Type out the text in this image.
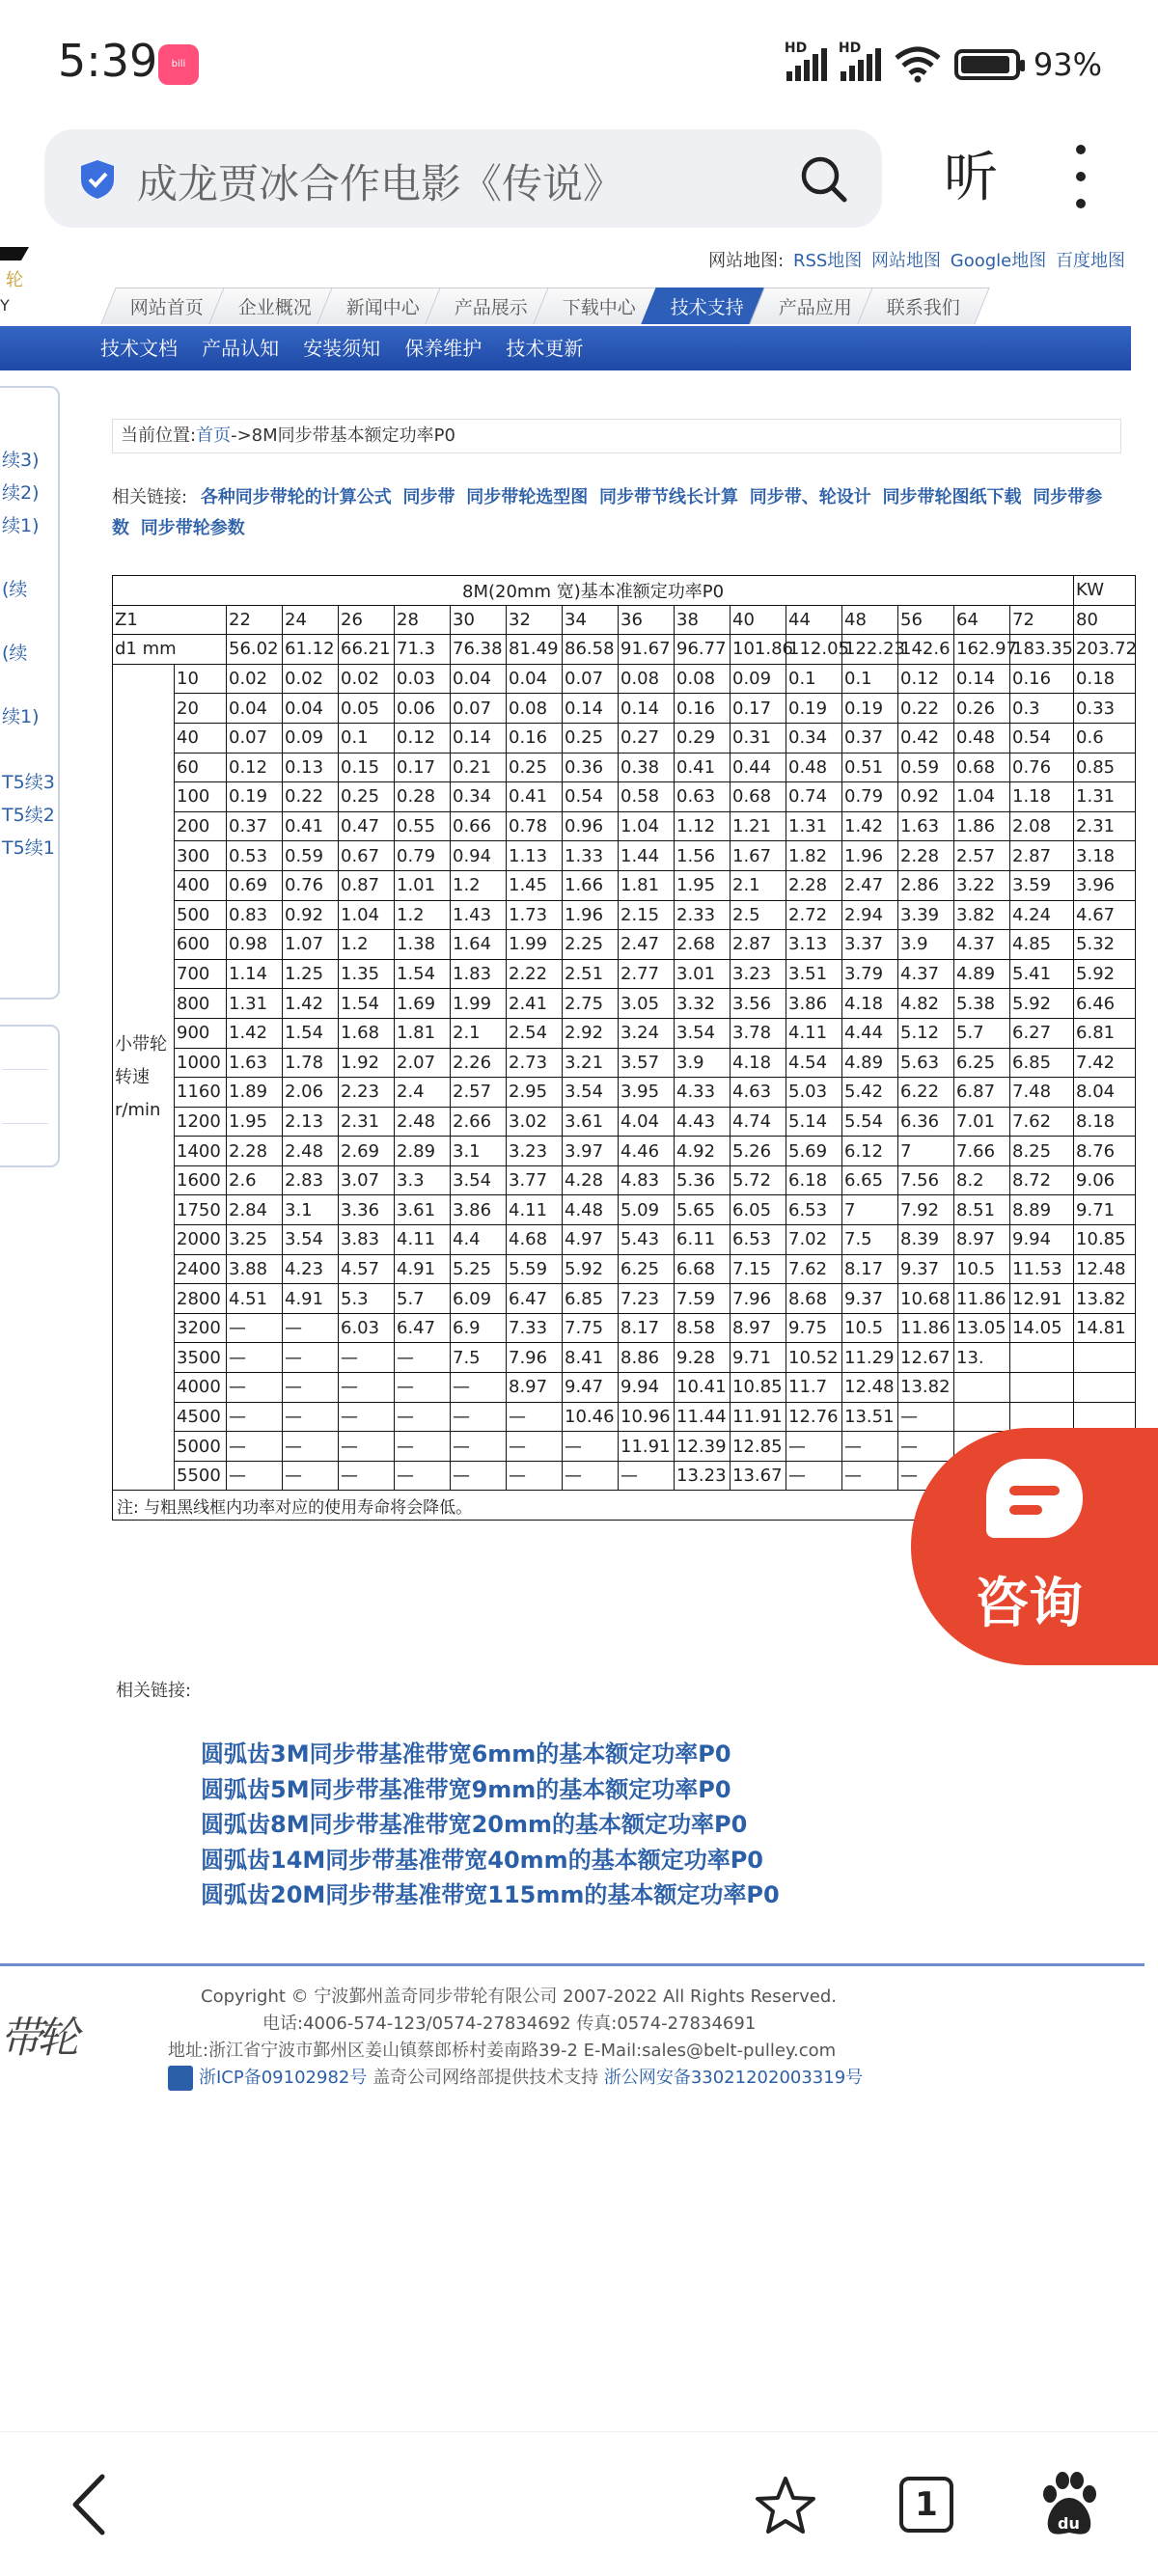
5:39	bili
HD HD	93%
成龙贾冰合作电影《传说》	听
轮
Y
网站地图: RSS地图 网站地图 Google地图 百度地图
网站首页 企业概况 新闻中心 产品展示 下载中心 技术支持 产品应用 联系我们
技术文档 产品认知 安装须知 保养维护 技术更新
续3)
续2)
续1)
(续
(续
续1)
T5续3
T5续2
T5续1
当前位置:首页->8M同步带基本额定功率P0
相关链接: 各种同步带轮的计算公式 同步带 同步带轮选型图 同步带节线长计算 同步带、轮设计 同步带轮图纸下载 同步带参数 同步带轮参数
8M(20mm 宽)基本准额定功率P0																	KW
Z1		22	24	26	28	30	32	34	36	38	40	44	48	56	64	72	80
d1 mm		56.02	61.12	66.21	71.3	76.38	81.49	86.58	91.67	96.77	101.86	112.05	122.23	142.6	162.97	183.35	203.72

小带轮
转速
r/min	10	0.02	0.02	0.02	0.03	0.04	0.04	0.07	0.08	0.08	0.09	0.1	0.1	0.12	0.14	0.16	0.18
	20	0.04	0.04	0.05	0.06	0.07	0.08	0.14	0.14	0.16	0.17	0.19	0.19	0.22	0.26	0.3	0.33
	40	0.07	0.09	0.1	0.12	0.14	0.16	0.25	0.27	0.29	0.31	0.34	0.37	0.42	0.48	0.54	0.6
	60	0.12	0.13	0.15	0.17	0.21	0.25	0.36	0.38	0.41	0.44	0.48	0.51	0.59	0.68	0.76	0.85
	100	0.19	0.22	0.25	0.28	0.34	0.41	0.54	0.58	0.63	0.68	0.74	0.79	0.92	1.04	1.18	1.31
	200	0.37	0.41	0.47	0.55	0.66	0.78	0.96	1.04	1.12	1.21	1.31	1.42	1.63	1.86	2.08	2.31
	300	0.53	0.59	0.67	0.79	0.94	1.13	1.33	1.44	1.56	1.67	1.82	1.96	2.28	2.57	2.87	3.18
	400	0.69	0.76	0.87	1.01	1.2	1.45	1.66	1.81	1.95	2.1	2.28	2.47	2.86	3.22	3.59	3.96
	500	0.83	0.92	1.04	1.2	1.43	1.73	1.96	2.15	2.33	2.5	2.72	2.94	3.39	3.82	4.24	4.67
	600	0.98	1.07	1.2	1.38	1.64	1.99	2.25	2.47	2.68	2.87	3.13	3.37	3.9	4.37	4.85	5.32
	700	1.14	1.25	1.35	1.54	1.83	2.22	2.51	2.77	3.01	3.23	3.51	3.79	4.37	4.89	5.41	5.92
	800	1.31	1.42	1.54	1.69	1.99	2.41	2.75	3.05	3.32	3.56	3.86	4.18	4.82	5.38	5.92	6.46
	900	1.42	1.54	1.68	1.81	2.1	2.54	2.92	3.24	3.54	3.78	4.11	4.44	5.12	5.7	6.27	6.81
	1000	1.63	1.78	1.92	2.07	2.26	2.73	3.21	3.57	3.9	4.18	4.54	4.89	5.63	6.25	6.85	7.42
	1160	1.89	2.06	2.23	2.4	2.57	2.95	3.54	3.95	4.33	4.63	5.03	5.42	6.22	6.87	7.48	8.04
	1200	1.95	2.13	2.31	2.48	2.66	3.02	3.61	4.04	4.43	4.74	5.14	5.54	6.36	7.01	7.62	8.18
	1400	2.28	2.48	2.69	2.89	3.1	3.23	3.97	4.46	4.92	5.26	5.69	6.12	7	7.66	8.25	8.76
	1600	2.6	2.83	3.07	3.3	3.54	3.77	4.28	4.83	5.36	5.72	6.18	6.65	7.56	8.2	8.72	9.06
	1750	2.84	3.1	3.36	3.61	3.86	4.11	4.48	5.09	5.65	6.05	6.53	7	7.92	8.51	8.89	9.71
	2000	3.25	3.54	3.83	4.11	4.4	4.68	4.97	5.43	6.11	6.53	7.02	7.5	8.39	8.97	9.94	10.85
	2400	3.88	4.23	4.57	4.91	5.25	5.59	5.92	6.25	6.68	7.15	7.62	8.17	9.37	10.5	11.53	12.48
	2800	4.51	4.91	5.3	5.7	6.09	6.47	6.85	7.23	7.59	7.96	8.68	9.37	10.68	11.86	12.91	13.82
	3200	—	—	6.03	6.47	6.9	7.33	7.75	8.17	8.58	8.97	9.75	10.5	11.86	13.05	14.05	14.81
	3500	—	—	—	—	7.5	7.96	8.41	8.86	9.28	9.71	10.52	11.29	12.67	13.		
	4000	—	—	—	—	—	8.97	9.47	9.94	10.41	10.85	11.7	12.48	13.82			
	4500	—	—	—	—	—	—	10.46	10.96	11.44	11.91	12.76	13.51	—			
	5000	—	—	—	—	—	—	—	11.91	12.39	12.85	—	—	—			
	5500	—	—	—	—	—	—	—	—	13.23	13.67	—	—	—			
注: 与粗黑线框内功率对应的使用寿命将会降低。																	
相关链接:
圆弧齿3M同步带基准带宽6mm的基本额定功率P0
圆弧齿5M同步带基准带宽9mm的基本额定功率P0
圆弧齿8M同步带基准带宽20mm的基本额定功率P0
圆弧齿14M同步带基准带宽40mm的基本额定功率P0
圆弧齿20M同步带基准带宽115mm的基本额定功率P0
带轮
Copyright © 宁波鄞州盖奇同步带轮有限公司 2007-2022 All Rights Reserved.
电话:4006-574-123/0574-27834692 传真:0574-27834691
地址:浙江省宁波市鄞州区姜山镇蔡郎桥村姜南路39-2 E-Mail:sales@belt-pulley.com
浙ICP备09102982号 盖奇公司网络部提供技术支持 浙公网安备33021202003319号
咨询
1	du
